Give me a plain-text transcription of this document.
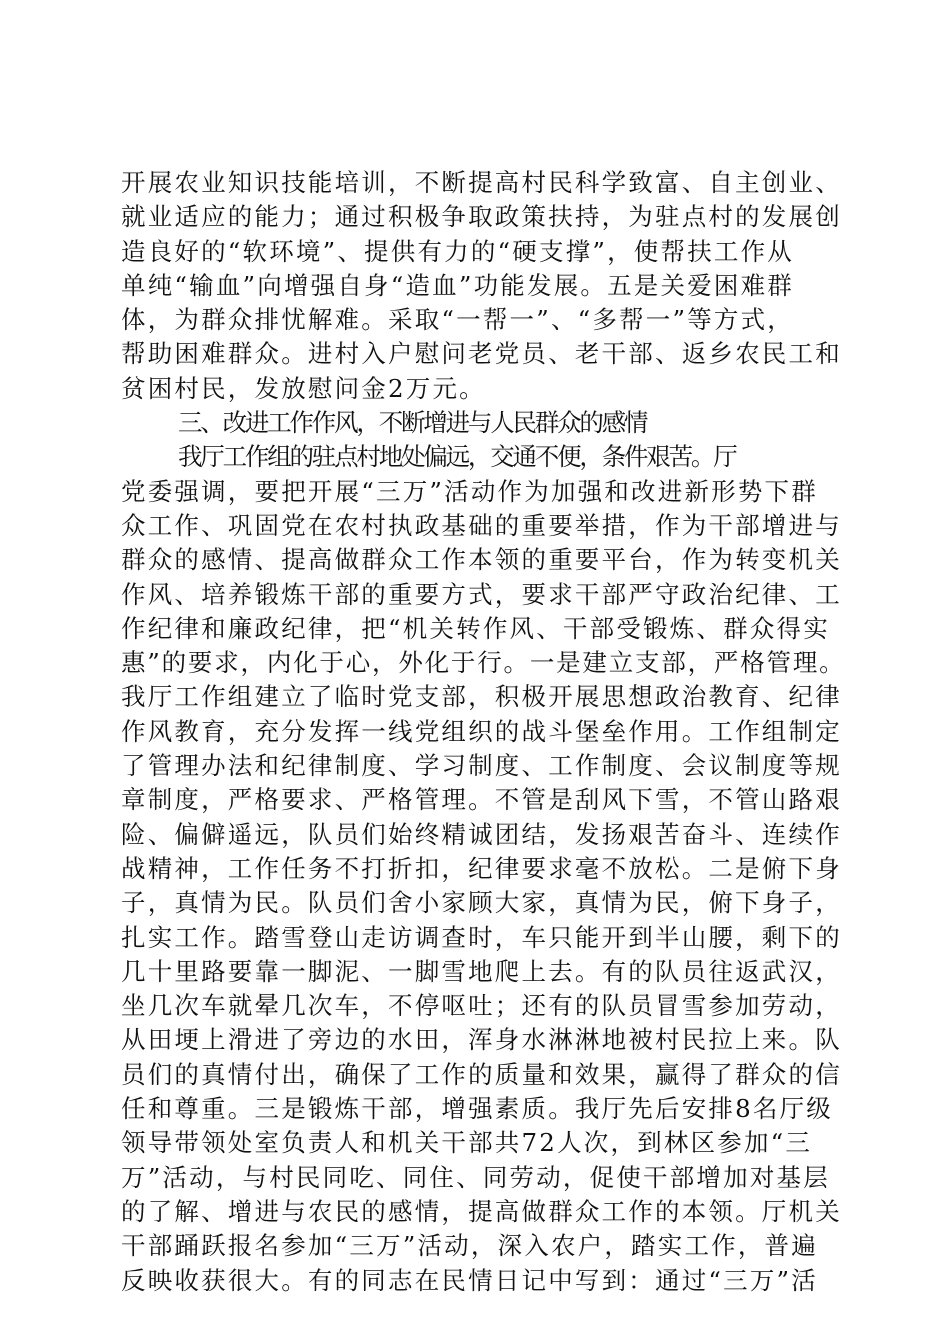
开展农业知识技能培训，不断提高村民科学致富、自主创业、
就业适应的能力；通过积极争取政策扶持，为驻点村的发展创
造良好的“软环境”、提供有力的“硬支撑”，使帮扶工作从
单纯“输血”向增强自身“造血”功能发展。五是关爱困难群
体，为群众排忧解难。采取“一帮一”、“多帮一”等方式，
帮助困难群众。进村入户慰问老党员、老干部、返乡农民工和
贫困村民，发放慰问金2万元。
三、改进工作作风，不断增进与人民群众的感情
我厅工作组的驻点村地处偏远，交通不便，条件艰苦。厅
党委强调，要把开展“三万”活动作为加强和改进新形势下群
众工作、巩固党在农村执政基础的重要举措，作为干部增进与
群众的感情、提高做群众工作本领的重要平台，作为转变机关
作风、培养锻炼干部的重要方式，要求干部严守政治纪律、工
作纪律和廉政纪律，把“机关转作风、干部受锻炼、群众得实
惠”的要求，内化于心，外化于行。一是建立支部，严格管理。
我厅工作组建立了临时党支部，积极开展思想政治教育、纪律
作风教育，充分发挥一线党组织的战斗堡垒作用。工作组制定
了管理办法和纪律制度、学习制度、工作制度、会议制度等规
章制度，严格要求、严格管理。不管是刮风下雪，不管山路艰
险、偏僻遥远，队员们始终精诚团结，发扬艰苦奋斗、连续作
战精神，工作任务不打折扣，纪律要求毫不放松。二是俯下身
子，真情为民。队员们舍小家顾大家，真情为民，俯下身子，
扎实工作。踏雪登山走访调查时，车只能开到半山腰，剩下的
几十里路要靠一脚泥、一脚雪地爬上去。有的队员往返武汉，
坐几次车就晕几次车，不停呕吐；还有的队员冒雪参加劳动，
从田埂上滑进了旁边的水田，浑身水淋淋地被村民拉上来。队
员们的真情付出，确保了工作的质量和效果，赢得了群众的信
任和尊重。三是锻炼干部，增强素质。我厅先后安排8名厅级
领导带领处室负责人和机关干部共72人次，到林区参加“三
万”活动，与村民同吃、同住、同劳动，促使干部增加对基层
的了解、增进与农民的感情，提高做群众工作的本领。厅机关
干部踊跃报名参加“三万”活动，深入农户，踏实工作，普遍
反映收获很大。有的同志在民情日记中写到：通过“三万”活
